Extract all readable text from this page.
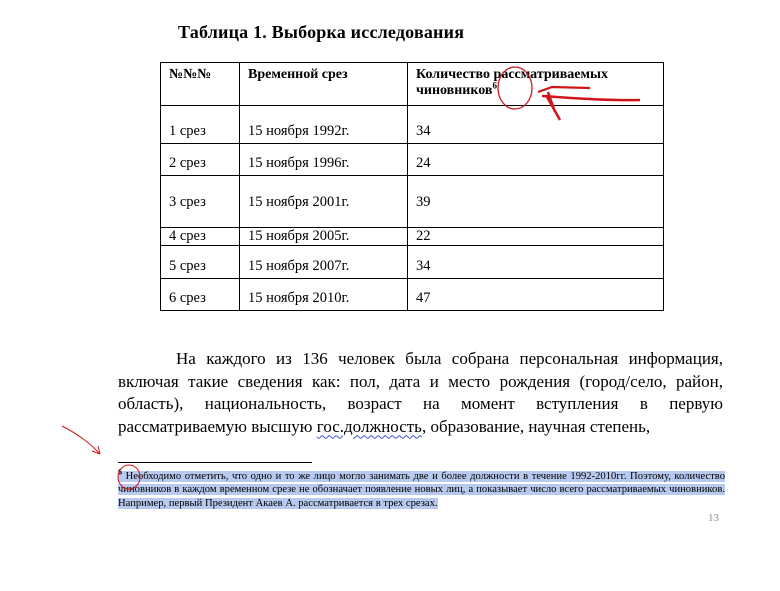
Таблица 1. Выборка исследования
№№№	Временной срез	Количество рассматриваемых чиновников$^6$
1 срез	15 ноября 1992г.	34
2 срез	15 ноября 1996г.	24
3 срез	15 ноября 2001г.	39
4 срез	15 ноября 2005г.	22
5 срез	15 ноября 2007г.	34
6 срез	15 ноября 2010г.	47
На каждого из 136 человек была собрана персональная информация, включая такие сведения как: пол, дата и место рождения (город/село, район, область), национальность, возраст на момент вступления в первую рассматриваемую высшую гос.должность, образование, научная степень,
$^6$ Необходимо отметить, что одно и то же лицо могло занимать две и более должности в течение 1992-2010гг. Поэтому, количество чиновников в каждом временном срезе не обозначает появление новых лиц, а показывает число всего рассматриваемых чиновников. Например, первый Президент Акаев А. рассматривается в трех срезах.
13
